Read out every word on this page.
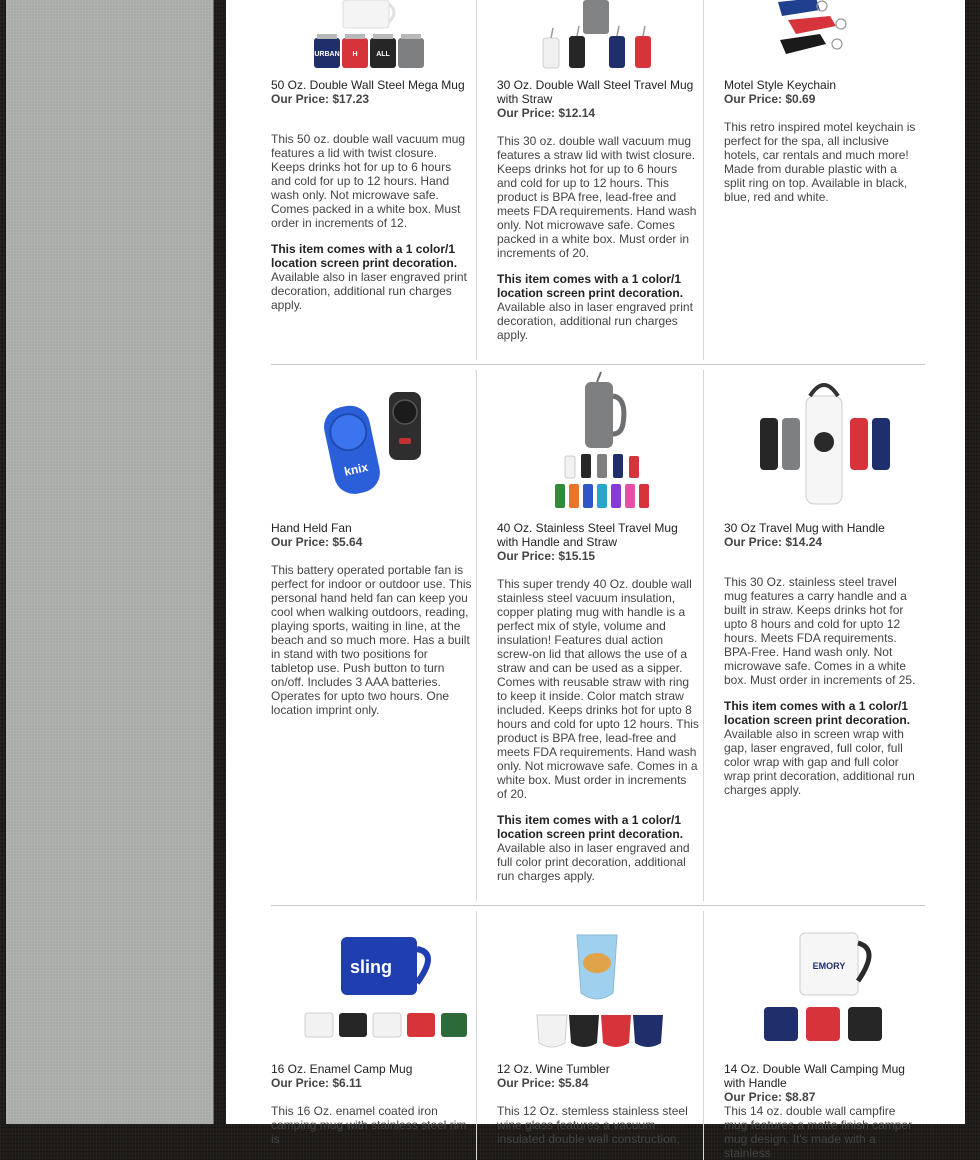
URBAN H	ALL
50 Oz. Double Wall Steel Mega Mug
Our Price: $17.23
This 50 oz. double wall vacuum mug features a lid with twist closure. Keeps drinks hot for up to 6 hours and cold for up to 12 hours. Hand wash only. Not microwave safe. Comes packed in a white box. Must order in increments of 12.
This item comes with a 1 color/1 location screen print decoration.
Available also in laser engraved print decoration, additional run charges apply.
30 Oz. Double Wall Steel Travel Mug with Straw
Our Price: $12.14
This 30 oz. double wall vacuum mug features a straw lid with twist closure. Keeps drinks hot for up to 6 hours and cold for up to 12 hours. This product is BPA free, lead-free and meets FDA requirements. Hand wash only. Not microwave safe. Comes packed in a white box. Must order in increments of 20.
This item comes with a 1 color/1 location screen print decoration.
Available also in laser engraved print decoration, additional run charges apply.
Motel Style Keychain
Our Price: $0.69
This retro inspired motel keychain is perfect for the spa, all inclusive hotels, car rentals and much more! Made from durable plastic with a split ring on top. Available in black, blue, red and white.
knix
Hand Held Fan
Our Price: $5.64
This battery operated portable fan is perfect for indoor or outdoor use. This personal hand held fan can keep you cool when walking outdoors, reading, playing sports, waiting in line, at the beach and so much more. Has a built in stand with two positions for tabletop use. Push button to turn on/off. Includes 3 AAA batteries. Operates for upto two hours. One location imprint only.
40 Oz. Stainless Steel Travel Mug with Handle and Straw
Our Price: $15.15
This super trendy 40 Oz. double wall stainless steel vacuum insulation, copper plating mug with handle is a perfect mix of style, volume and insulation! Features dual action screw-on lid that allows the use of a straw and can be used as a sipper. Comes with reusable straw with ring to keep it inside. Color match straw included. Keeps drinks hot for upto 8 hours and cold for upto 12 hours. This product is BPA free, lead-free and meets FDA requirements. Hand wash only. Not microwave safe. Comes in a white box. Must order in increments of 20.
This item comes with a 1 color/1 location screen print decoration.
Available also in laser engraved and full color print decoration, additional run charges apply.
30 Oz Travel Mug with Handle
Our Price: $14.24
This 30 Oz. stainless steel travel mug features a carry handle and a built in straw. Keeps drinks hot for upto 8 hours and cold for upto 12 hours. Meets FDA requirements. BPA-Free. Hand wash only. Not microwave safe. Comes in a white box. Must order in increments of 25.
This item comes with a 1 color/1 location screen print decoration.
Available also in screen wrap with gap, laser engraved, full color, full color wrap with gap and full color wrap print decoration, additional run charges apply.
sling
16 Oz. Enamel Camp Mug
Our Price: $6.11
This 16 Oz. enamel coated iron camping mug with stainless steel rim is
12 Oz. Wine Tumbler
Our Price: $5.84
This 12 Oz. stemless stainless steel wine glass features a vacuum insulated double wall construction,
EMORY
14 Oz. Double Wall Camping Mug with Handle
Our Price: $8.87
This 14 oz. double wall campfire mug features a matte finish camper mug design. It's made with a stainless
